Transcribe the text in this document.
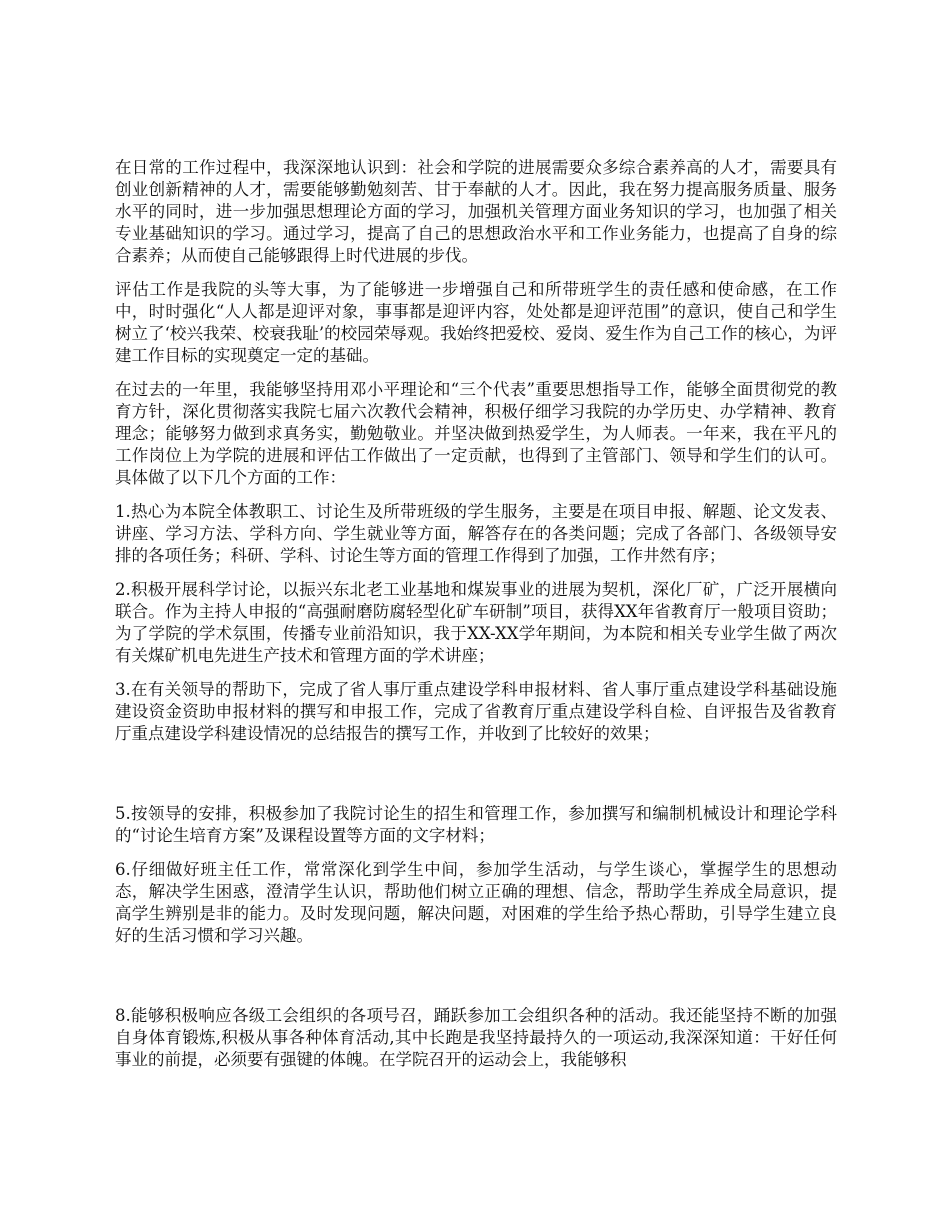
在日常的工作过程中，我深深地认识到：社会和学院的进展需要众多综合素养高的人才，需要具有创业创新精神的人才，需要能够勤勉刻苦、甘于奉献的人才。因此，我在努力提高服务质量、服务水平的同时，进一步加强思想理论方面的学习，加强机关管理方面业务知识的学习，也加强了相关专业基础知识的学习。通过学习，提高了自己的思想政治水平和工作业务能力，也提高了自身的综合素养；从而使自己能够跟得上时代进展的步伐。

评估工作是我院的头等大事，为了能够进一步增强自己和所带班学生的责任感和使命感，在工作中，时时强化“人人都是迎评对象，事事都是迎评内容，处处都是迎评范围”的意识，使自己和学生树立了‘校兴我荣、校衰我耻’的校园荣辱观。我始终把爱校、爱岗、爱生作为自己工作的核心，为评建工作目标的实现奠定一定的基础。

在过去的一年里，我能够坚持用邓小平理论和“三个代表”重要思想指导工作，能够全面贯彻党的教育方针，深化贯彻落实我院七届六次教代会精神，积极仔细学习我院的办学历史、办学精神、教育理念；能够努力做到求真务实，勤勉敬业。并坚决做到热爱学生，为人师表。一年来，我在平凡的工作岗位上为学院的进展和评估工作做出了一定贡献，也得到了主管部门、领导和学生们的认可。具体做了以下几个方面的工作：

1.热心为本院全体教职工、讨论生及所带班级的学生服务，主要是在项目申报、解题、论文发表、讲座、学习方法、学科方向、学生就业等方面，解答存在的各类问题；完成了各部门、各级领导安排的各项任务；科研、学科、讨论生等方面的管理工作得到了加强，工作井然有序；

2.积极开展科学讨论，以振兴东北老工业基地和煤炭事业的进展为契机，深化厂矿，广泛开展横向联合。作为主持人申报的“高强耐磨防腐轻型化矿车研制”项目，获得XX年省教育厅一般项目资助；为了学院的学术氛围，传播专业前沿知识，我于XX-XX学年期间，为本院和相关专业学生做了两次有关煤矿机电先进生产技术和管理方面的学术讲座；

3.在有关领导的帮助下，完成了省人事厅重点建设学科申报材料、省人事厅重点建设学科基础设施建设资金资助申报材料的撰写和申报工作，完成了省教育厅重点建设学科自检、自评报告及省教育厅重点建设学科建设情况的总结报告的撰写工作，并收到了比较好的效果；

5.按领导的安排，积极参加了我院讨论生的招生和管理工作，参加撰写和编制机械设计和理论学科的“讨论生培育方案”及课程设置等方面的文字材料；

6.仔细做好班主任工作，常常深化到学生中间，参加学生活动，与学生谈心，掌握学生的思想动态，解决学生困惑，澄清学生认识，帮助他们树立正确的理想、信念，帮助学生养成全局意识，提高学生辨别是非的能力。及时发现问题，解决问题，对困难的学生给予热心帮助，引导学生建立良好的生活习惯和学习兴趣。

8.能够积极响应各级工会组织的各项号召，踊跃参加工会组织各种的活动。我还能坚持不断的加强自身体育锻炼,积极从事各种体育活动,其中长跑是我坚持最持久的一项运动,我深深知道：干好任何事业的前提，必须要有强键的体魄。在学院召开的运动会上，我能够积
